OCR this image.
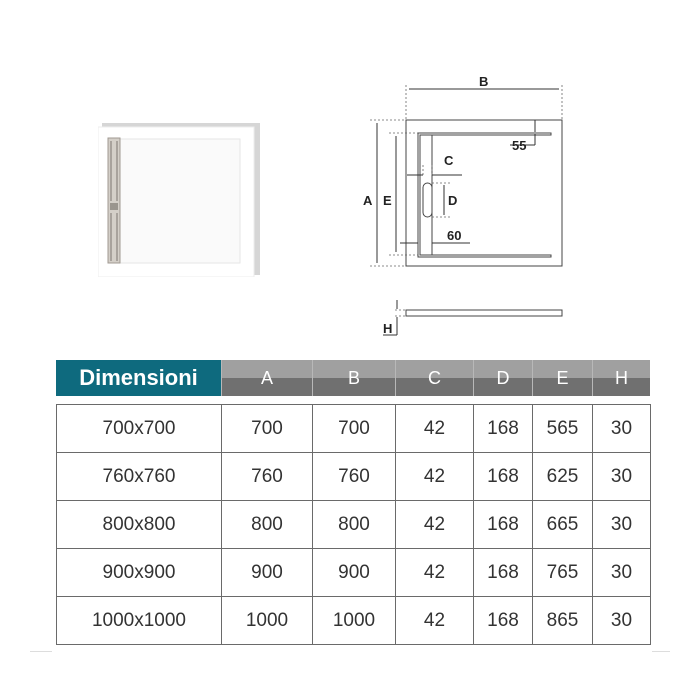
B
A E
C
D
55
60
H
Dimensioni	A	B	C	D	E	H
700x700	700	700	42	168	565	30
760x760	760	760	42	168	625	30
800x800	800	800	42	168	665	30
900x900	900	900	42	168	765	30
1000x1000	1000	1000	42	168	865	30
